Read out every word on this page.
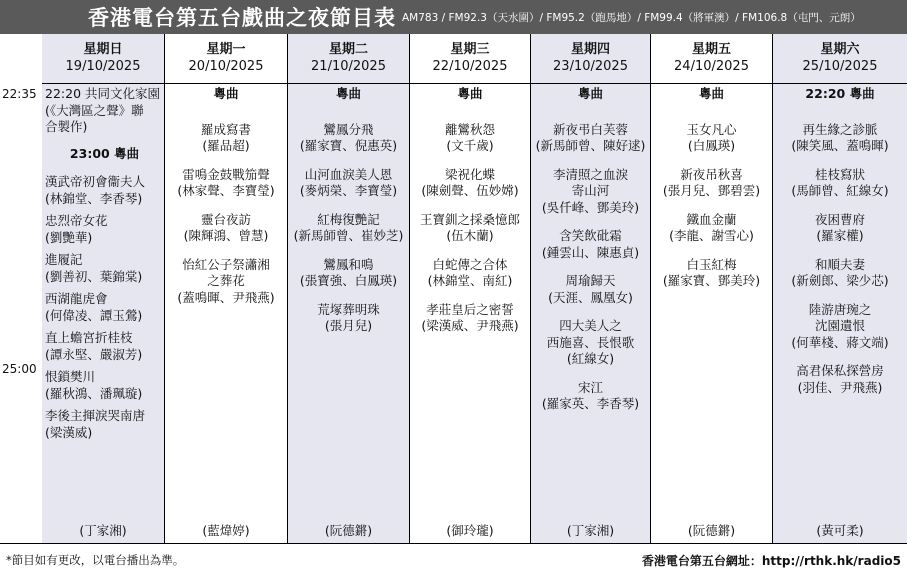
香港電台第五台戲曲之夜節目表 AM783 / FM92.3（天水圍）/ FM95.2（跑馬地）/ FM99.4（將軍澳）/ FM106.8（屯門、元朗）
22:35
25:00
星期日
19/10/2025
22:20 共同文化家園
(《大灣區之聲》聯
合製作)
23:00 粵曲
漢武帝初會衞夫人
(林錦堂、李香琴)
忠烈帝女花
(劉艷華)
進履記
(劉善初、葉錦棠)
西湖龍虎會
(何偉凌、譚玉鶯)
直上蟾宮折桂枝
(譚永堅、嚴淑芳)
恨鎖樊川
(羅秋鴻、潘珮璇)
李後主揮淚哭南唐
(梁漢威)
(丁家湘)
星期一
20/10/2025
粵曲
羅成寫書
(羅品超)
雷鳴金鼓戰笳聲
(林家聲、李寶瑩)
靈台夜訪
(陳輝鴻、曾慧)
怡紅公子祭瀟湘
之葬花
(蓋鳴暉、尹飛燕)
(藍煒婷)
星期二
21/10/2025
粵曲
鸞鳳分飛
(羅家寶、倪惠英)
山河血淚美人恩
(麥炳榮、李寶瑩)
紅梅復艷記
(新馬師曾、崔妙芝)
鸞鳳和鳴
(張寶強、白鳳瑛)
荒塚葬明珠
(張月兒)
(阮德鏘)
星期三
22/10/2025
粵曲
離鸞秋怨
(文千歲)
梁祝化蝶
(陳劍聲、伍妙嫦)
王寶釧之採桑憶郎
(伍木蘭)
白蛇傳之合体
(林錦堂、南紅)
孝莊皇后之密誓
(梁漢威、尹飛燕)
(御玲瓏)
星期四
23/10/2025
粵曲
新夜弔白芙蓉
(新馬師曾、陳好逑)
李清照之血淚
寄山河
(吳仟峰、鄧美玲)
含笑飲砒霜
(鍾雲山、陳惠貞)
周瑜歸天
(天涯、鳳凰女)
四大美人之
西施喜、長恨歌
(紅線女)
宋江
(羅家英、李香琴)
(丁家湘)
星期五
24/10/2025
粵曲
玉女凡心
(白鳳瑛)
新夜吊秋喜
(張月兒、鄧碧雲)
鐵血金蘭
(李龍、謝雪心)
白玉紅梅
(羅家寶、鄧美玲)
(阮德鏘)
星期六
25/10/2025
22:20 粵曲
再生緣之診脈
(陳笑風、蓋鳴暉)
桂枝寫狀
(馬師曾、紅線女)
夜困曹府
(羅家權)
和順夫妻
(新劍郎、梁少芯)
陸游唐琬之
沈園遺恨
(何華棧、蔣文端)
高君保私探營房
(羽佳、尹飛燕)
(黃可柔)
*節目如有更改，以電台播出為準。	香港電台第五台網址：http://rthk.hk/radio5
